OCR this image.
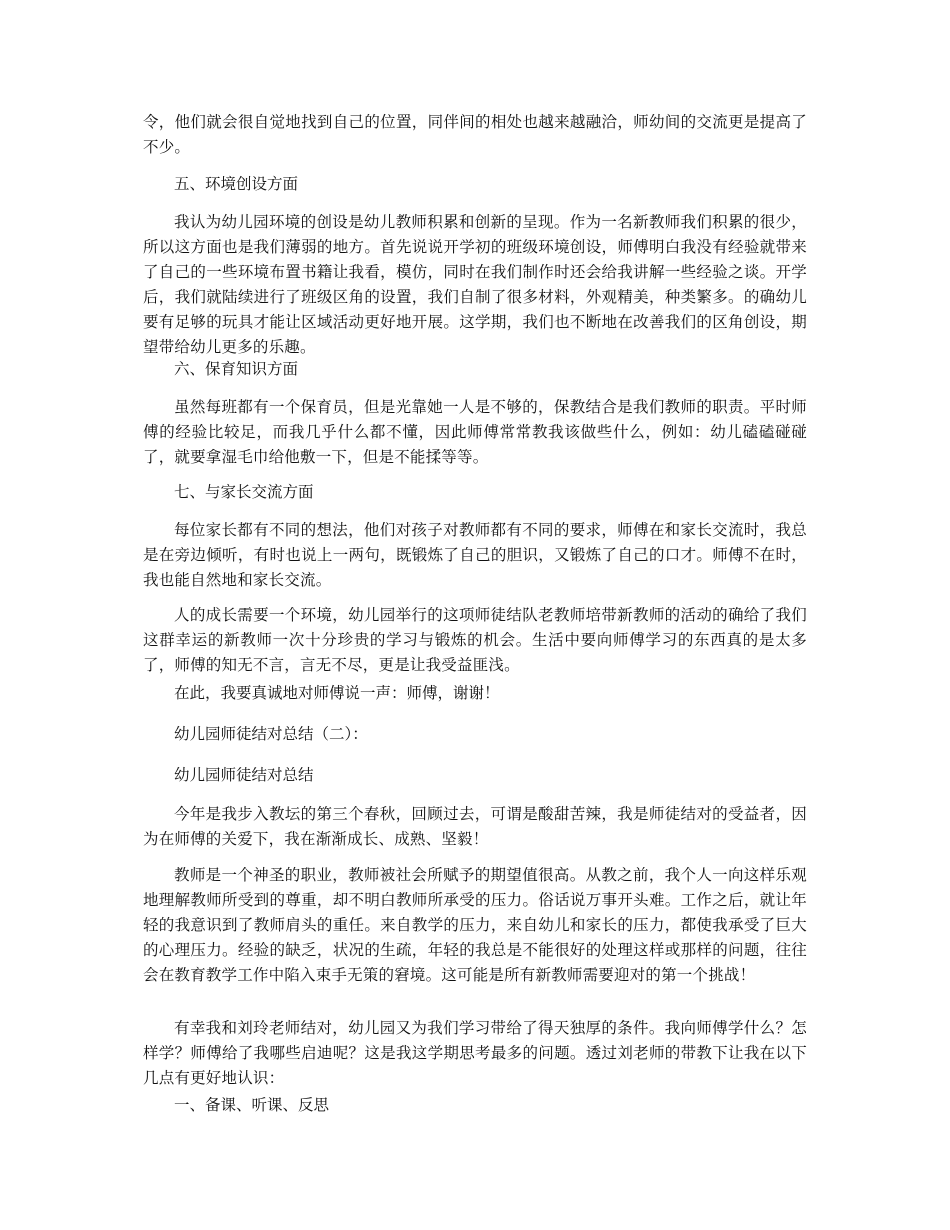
令，他们就会很自觉地找到自己的位置，同伴间的相处也越来越融洽，师幼间的交流更是提高了不少。

五、环境创设方面

我认为幼儿园环境的创设是幼儿教师积累和创新的呈现。作为一名新教师我们积累的很少，所以这方面也是我们薄弱的地方。首先说说开学初的班级环境创设，师傅明白我没有经验就带来了自己的一些环境布置书籍让我看，模仿，同时在我们制作时还会给我讲解一些经验之谈。开学后，我们就陆续进行了班级区角的设置，我们自制了很多材料，外观精美，种类繁多。的确幼儿要有足够的玩具才能让区域活动更好地开展。这学期，我们也不断地在改善我们的区角创设，期望带给幼儿更多的乐趣。

六、保育知识方面

虽然每班都有一个保育员，但是光靠她一人是不够的，保教结合是我们教师的职责。平时师傅的经验比较足，而我几乎什么都不懂，因此师傅常常教我该做些什么，例如：幼儿磕磕碰碰了，就要拿湿毛巾给他敷一下，但是不能揉等等。

七、与家长交流方面

每位家长都有不同的想法，他们对孩子对教师都有不同的要求，师傅在和家长交流时，我总是在旁边倾听，有时也说上一两句，既锻炼了自己的胆识，又锻炼了自己的口才。师傅不在时，我也能自然地和家长交流。

人的成长需要一个环境，幼儿园举行的这项师徒结队老教师培带新教师的活动的确给了我们这群幸运的新教师一次十分珍贵的学习与锻炼的机会。生活中要向师傅学习的东西真的是太多了，师傅的知无不言，言无不尽，更是让我受益匪浅。

在此，我要真诚地对师傅说一声：师傅，谢谢！

幼儿园师徒结对总结（二）：

幼儿园师徒结对总结

今年是我步入教坛的第三个春秋，回顾过去，可谓是酸甜苦辣，我是师徒结对的受益者，因为在师傅的关爱下，我在渐渐成长、成熟、坚毅！

教师是一个神圣的职业，教师被社会所赋予的期望值很高。从教之前，我个人一向这样乐观地理解教师所受到的尊重，却不明白教师所承受的压力。俗话说万事开头难。工作之后，就让年轻的我意识到了教师肩头的重任。来自教学的压力，来自幼儿和家长的压力，都使我承受了巨大的心理压力。经验的缺乏，状况的生疏，年轻的我总是不能很好的处理这样或那样的问题，往往会在教育教学工作中陷入束手无策的窘境。这可能是所有新教师需要迎对的第一个挑战！

有幸我和刘玲老师结对，幼儿园又为我们学习带给了得天独厚的条件。我向师傅学什么？怎样学？师傅给了我哪些启迪呢？这是我这学期思考最多的问题。透过刘老师的带教下让我在以下几点有更好地认识：

一、备课、听课、反思
